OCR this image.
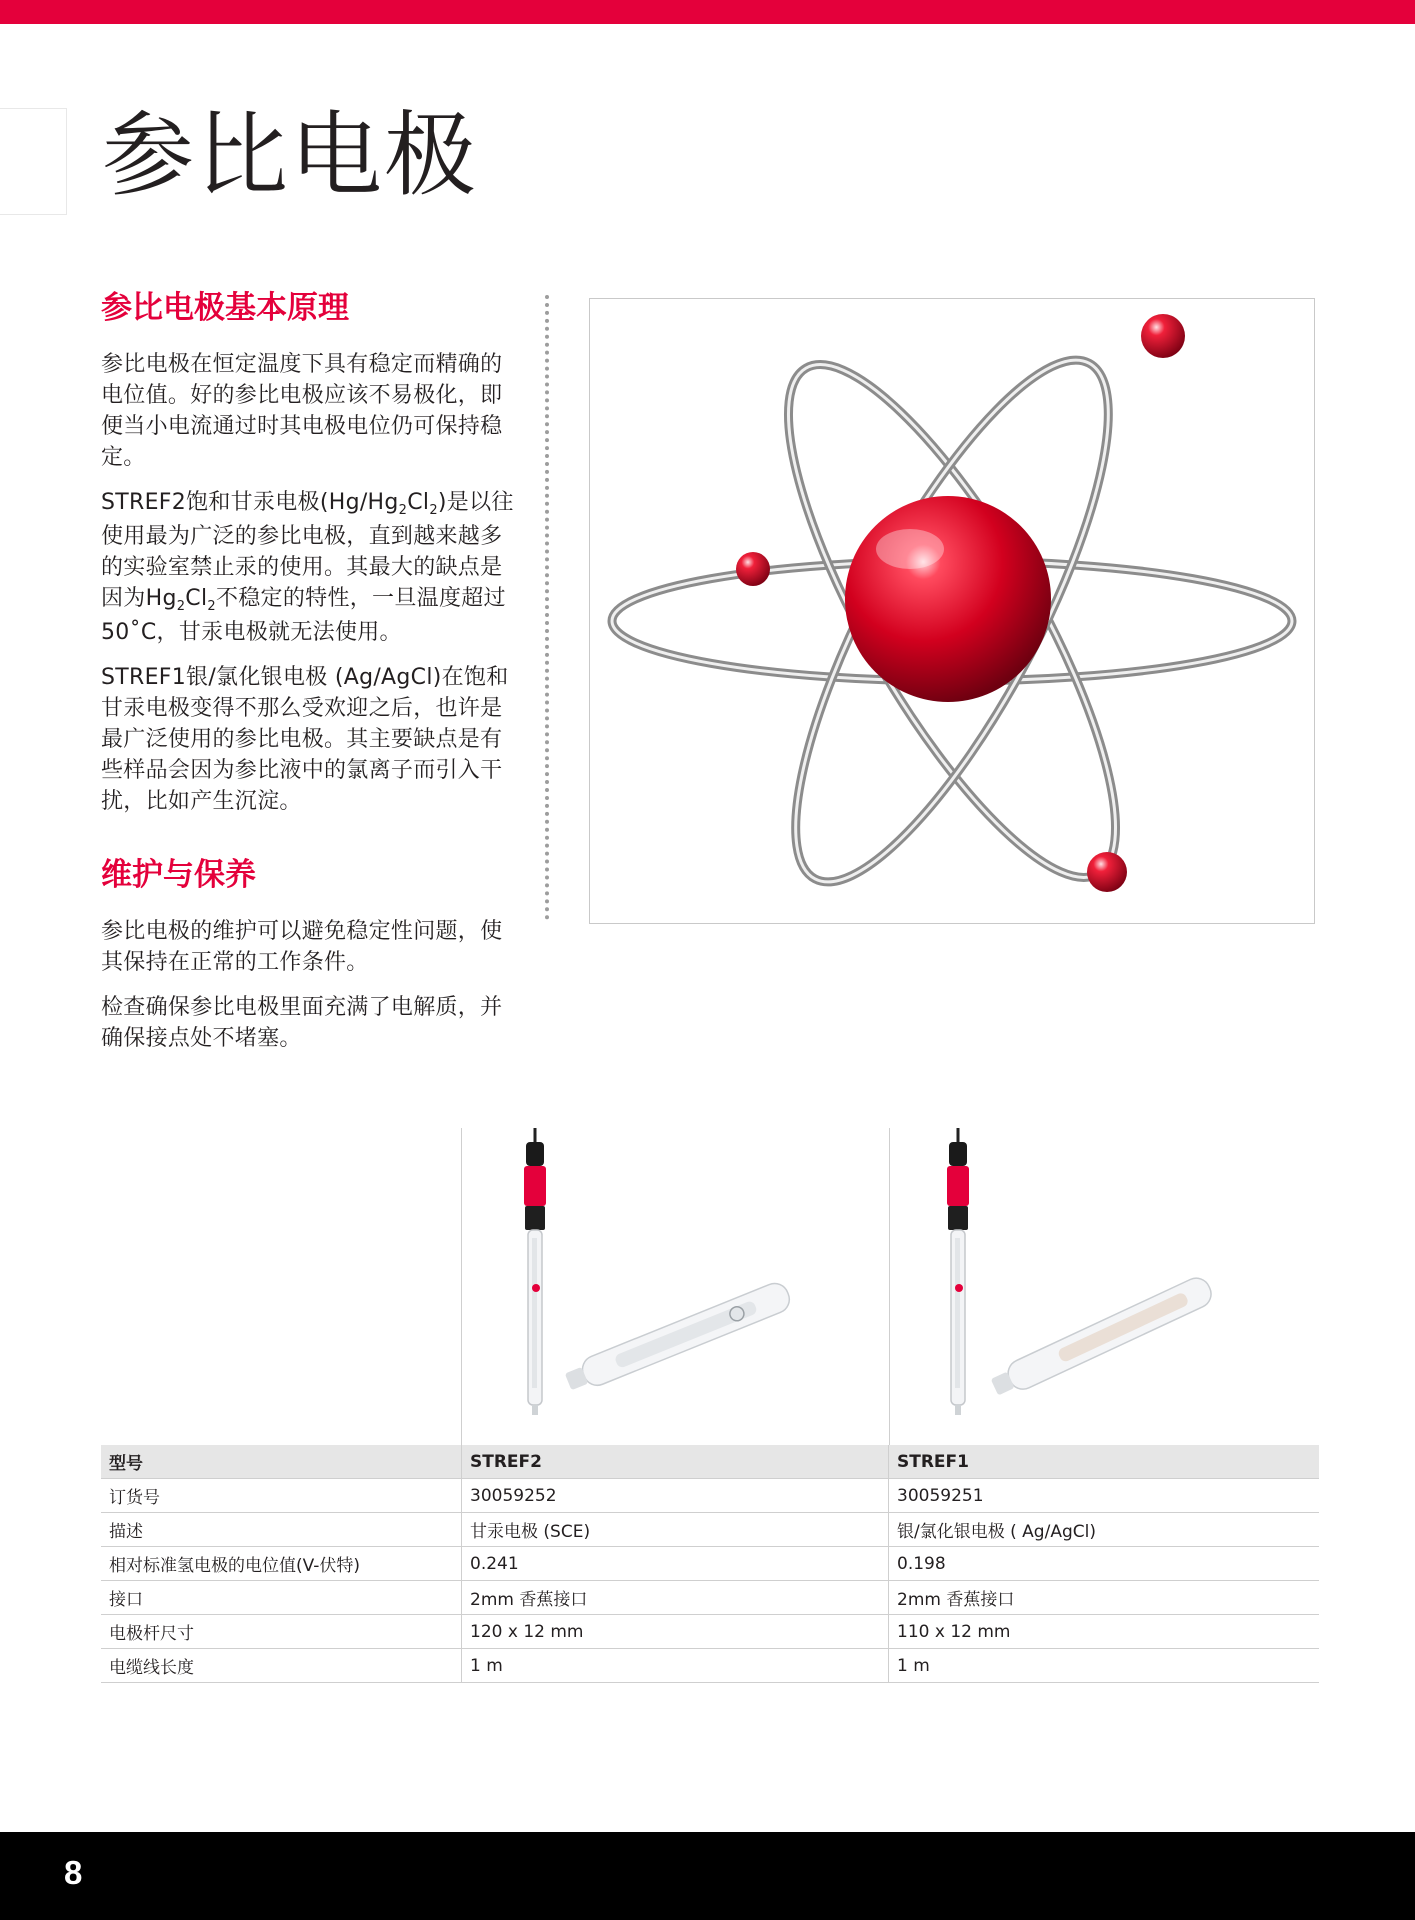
参比电极
参比电极基本原理

参比电极在恒定温度下具有稳定而精确的电位值。好的参比电极应该不易极化，即便当小电流通过时其电极电位仍可保持稳定。

STREF2饱和甘汞电极$(Hg/Hg_2Cl_2)$是以往使用最为广泛的参比电极，直到越来越多的实验室禁止汞的使用。其最大的缺点是因为$Hg_2Cl_2$不稳定的特性，一旦温度超过50˚C，甘汞电极就无法使用。

STREF1银/氯化银电极 (Ag/AgCl)在饱和甘汞电极变得不那么受欢迎之后，也许是最广泛使用的参比电极。其主要缺点是有些样品会因为参比液中的氯离子而引入干扰，比如产生沉淀。

维护与保养

参比电极的维护可以避免稳定性问题，使其保持在正常的工作条件。

检查确保参比电极里面充满了电解质，并确保接点处不堵塞。

型号	STREF2	STREF1
订货号	30059252	30059251
描述	甘汞电极 (SCE)	银/氯化银电极 ( Ag/AgCl)
相对标准氢电极的电位值(V-伏特)	0.241	0.198
接口	2mm 香蕉接口	2mm 香蕉接口
电极杆尺寸	120 x 12 mm	110 x 12 mm
电缆线长度	1 m	1 m
8
